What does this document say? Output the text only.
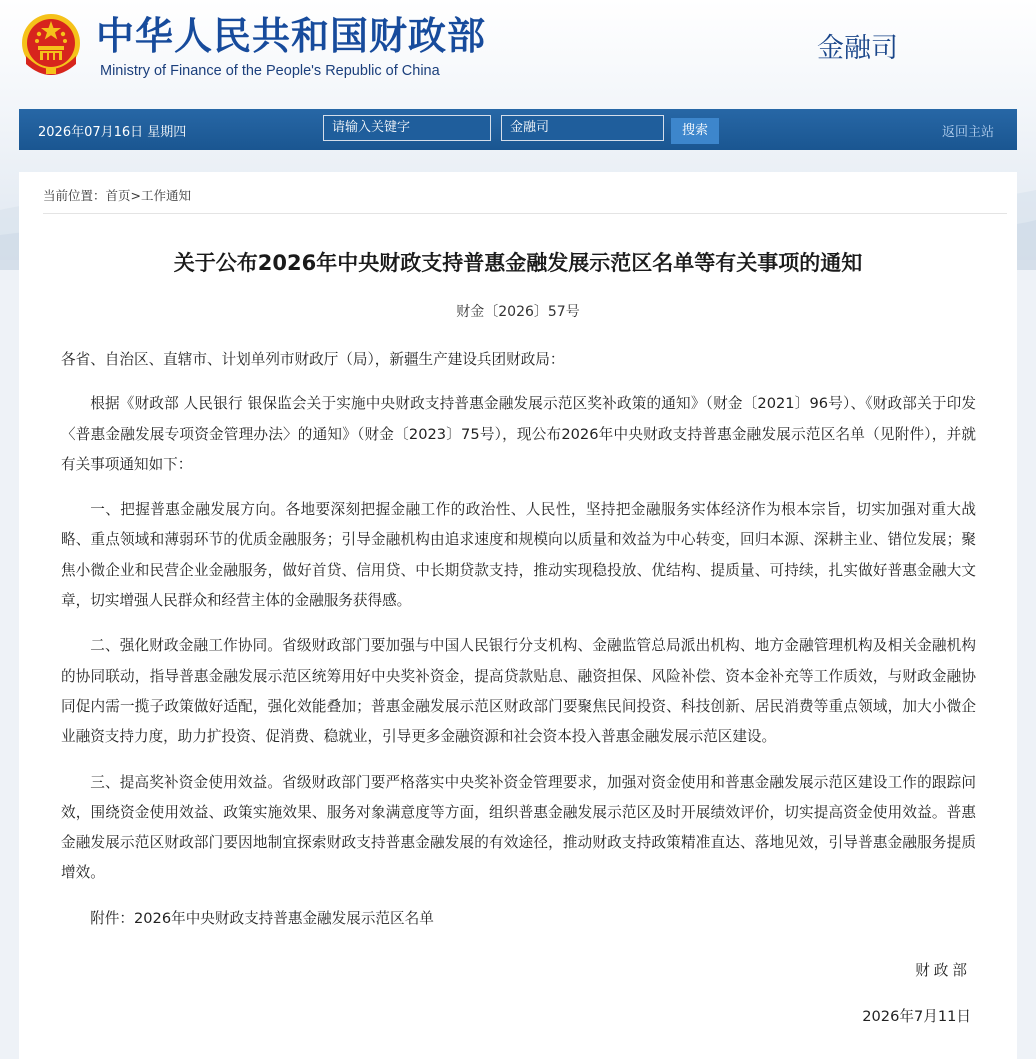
中华人民共和国财政部

Ministry of Finance of the People's Republic of China

金融司
2026年07月16日 星期四	请输入关键字	金融司	搜索	返回主站
当前位置：首页>工作通知
关于公布2026年中央财政支持普惠金融发展示范区名单等有关事项的通知
财金〔2026〕57号

各省、自治区、直辖市、计划单列市财政厅（局），新疆生产建设兵团财政局：

根据《财政部 人民银行 银保监会关于实施中央财政支持普惠金融发展示范区奖补政策的通知》（财金〔2021〕96号）、《财政部关于印发〈普惠金融发展专项资金管理办法〉的通知》（财金〔2023〕75号），现公布2026年中央财政支持普惠金融发展示范区名单（见附件），并就有关事项通知如下：

一、把握普惠金融发展方向。各地要深刻把握金融工作的政治性、人民性，坚持把金融服务实体经济作为根本宗旨，切实加强对重大战略、重点领域和薄弱环节的优质金融服务；引导金融机构由追求速度和规模向以质量和效益为中心转变，回归本源、深耕主业、错位发展；聚焦小微企业和民营企业金融服务，做好首贷、信用贷、中长期贷款支持，推动实现稳投放、优结构、提质量、可持续，扎实做好普惠金融大文章，切实增强人民群众和经营主体的金融服务获得感。

二、强化财政金融工作协同。省级财政部门要加强与中国人民银行分支机构、金融监管总局派出机构、地方金融管理机构及相关金融机构的协同联动，指导普惠金融发展示范区统筹用好中央奖补资金，提高贷款贴息、融资担保、风险补偿、资本金补充等工作质效，与财政金融协同促内需一揽子政策做好适配，强化效能叠加；普惠金融发展示范区财政部门要聚焦民间投资、科技创新、居民消费等重点领域，加大小微企业融资支持力度，助力扩投资、促消费、稳就业，引导更多金融资源和社会资本投入普惠金融发展示范区建设。

三、提高奖补资金使用效益。省级财政部门要严格落实中央奖补资金管理要求，加强对资金使用和普惠金融发展示范区建设工作的跟踪问效，围绕资金使用效益、政策实施效果、服务对象满意度等方面，组织普惠金融发展示范区及时开展绩效评价，切实提高资金使用效益。普惠金融发展示范区财政部门要因地制宜探索财政支持普惠金融发展的有效途径，推动财政支持政策精准直达、落地见效，引导普惠金融服务提质增效。

附件：2026年中央财政支持普惠金融发展示范区名单

财政部
2026年7月11日
